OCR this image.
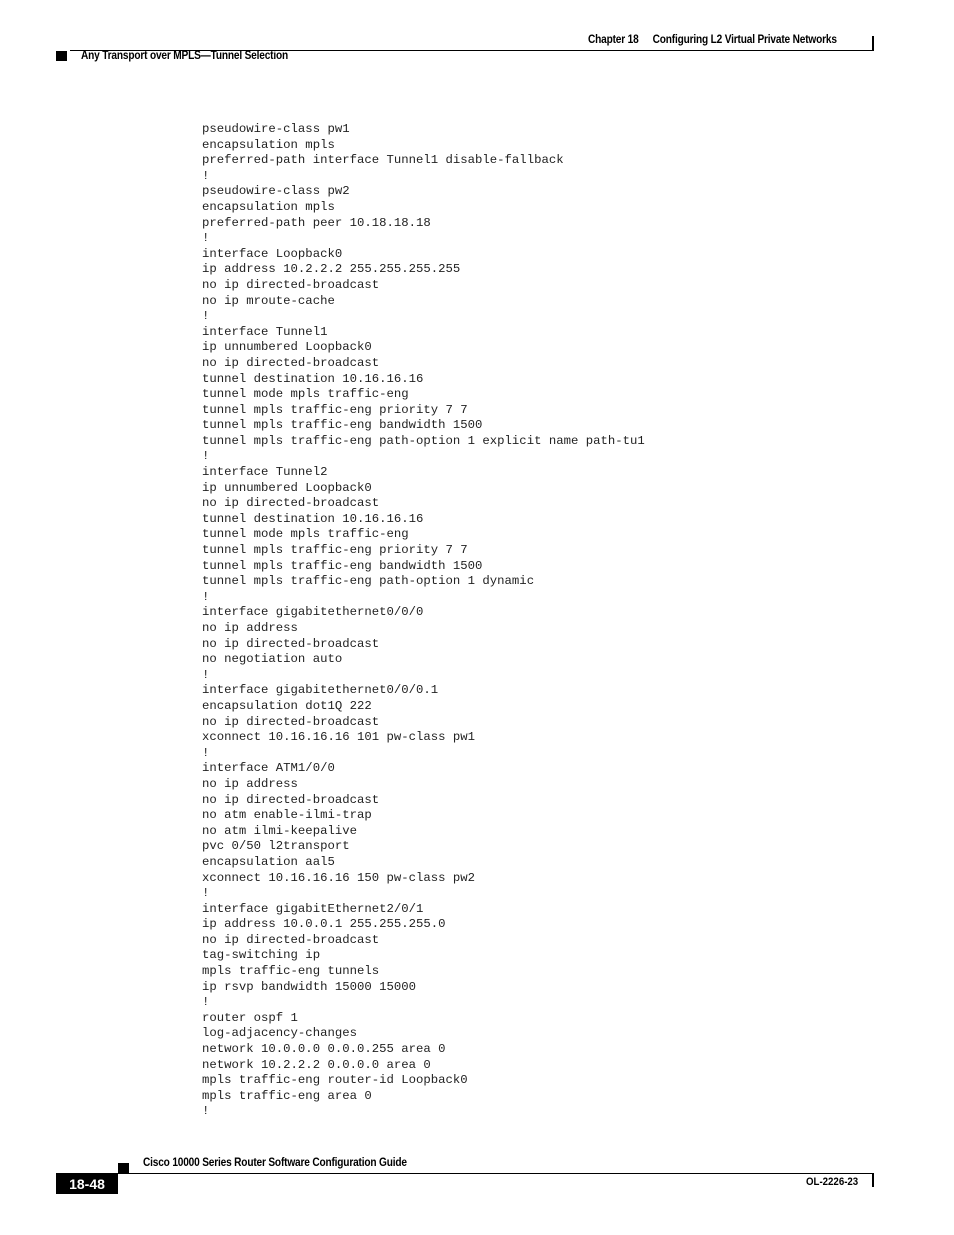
Chapter 18 Configuring L2 Virtual Private Networks
Any Transport over MPLS—Tunnel Selection
pseudowire-class pw1
encapsulation mpls
preferred-path interface Tunnel1 disable-fallback
!
pseudowire-class pw2
encapsulation mpls
preferred-path peer 10.18.18.18
!
interface Loopback0
ip address 10.2.2.2 255.255.255.255
no ip directed-broadcast
no ip mroute-cache
!
interface Tunnel1
ip unnumbered Loopback0
no ip directed-broadcast
tunnel destination 10.16.16.16
tunnel mode mpls traffic-eng
tunnel mpls traffic-eng priority 7 7
tunnel mpls traffic-eng bandwidth 1500
tunnel mpls traffic-eng path-option 1 explicit name path-tu1
!
interface Tunnel2
ip unnumbered Loopback0
no ip directed-broadcast
tunnel destination 10.16.16.16
tunnel mode mpls traffic-eng
tunnel mpls traffic-eng priority 7 7
tunnel mpls traffic-eng bandwidth 1500
tunnel mpls traffic-eng path-option 1 dynamic
!
interface gigabitethernet0/0/0
no ip address
no ip directed-broadcast
no negotiation auto
!
interface gigabitethernet0/0/0.1
encapsulation dot1Q 222
no ip directed-broadcast
xconnect 10.16.16.16 101 pw-class pw1
!
interface ATM1/0/0
no ip address
no ip directed-broadcast
no atm enable-ilmi-trap
no atm ilmi-keepalive
pvc 0/50 l2transport
encapsulation aal5
xconnect 10.16.16.16 150 pw-class pw2
!
interface gigabitEthernet2/0/1
ip address 10.0.0.1 255.255.255.0
no ip directed-broadcast
tag-switching ip
mpls traffic-eng tunnels
ip rsvp bandwidth 15000 15000
!
router ospf 1
log-adjacency-changes
network 10.0.0.0 0.0.0.255 area 0
network 10.2.2.2 0.0.0.0 area 0
mpls traffic-eng router-id Loopback0
mpls traffic-eng area 0
!
Cisco 10000 Series Router Software Configuration Guide
18-48	OL-2226-23
